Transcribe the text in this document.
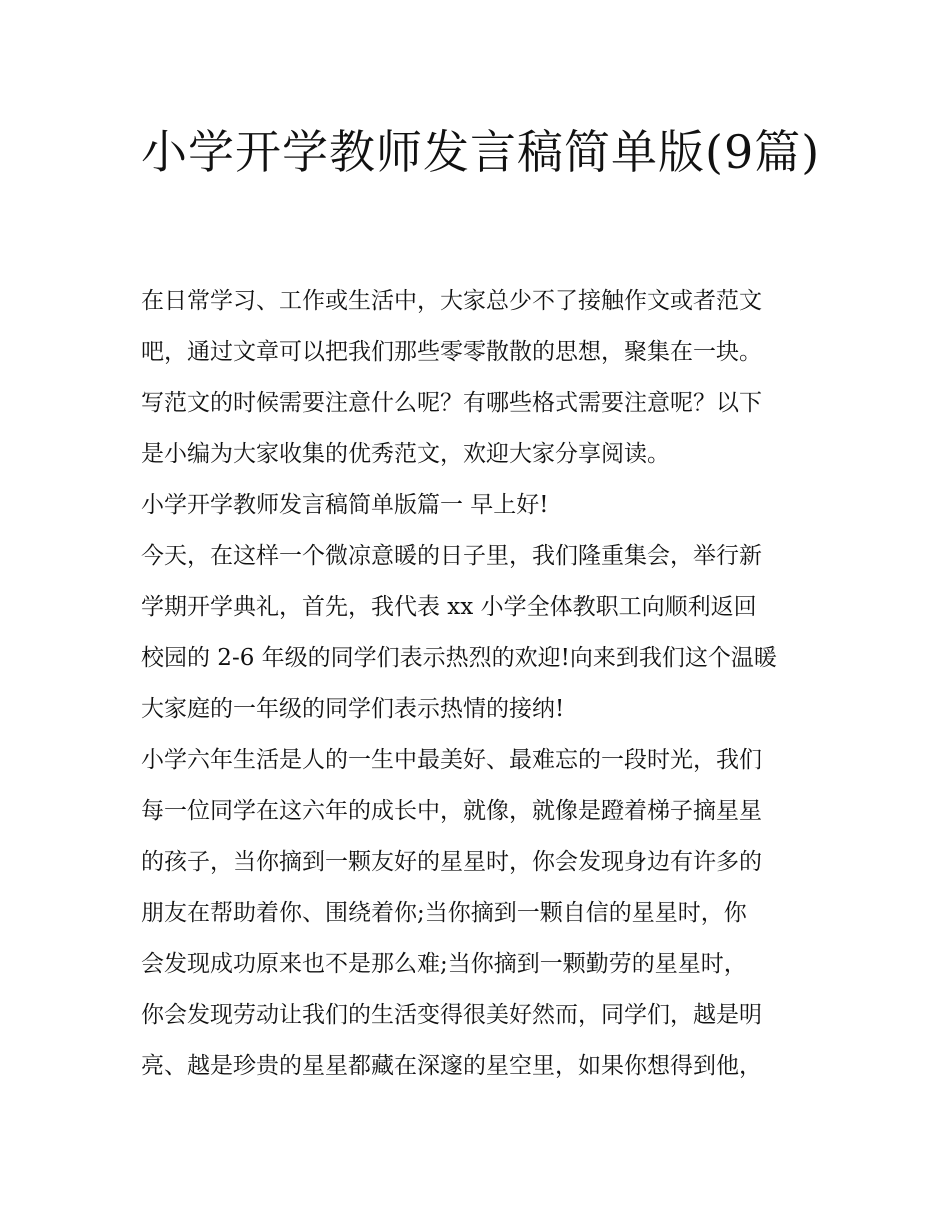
小学开学教师发言稿简单版(9篇)

在日常学习、工作或生活中，大家总少不了接触作文或者范文

吧，通过文章可以把我们那些零零散散的思想，聚集在一块。

写范文的时候需要注意什么呢？有哪些格式需要注意呢？以下

是小编为大家收集的优秀范文，欢迎大家分享阅读。

小学开学教师发言稿简单版篇一 早上好!

今天，在这样一个微凉意暖的日子里，我们隆重集会，举行新

学期开学典礼，首先，我代表 xx 小学全体教职工向顺利返回

校园的 2-6 年级的同学们表示热烈的欢迎!向来到我们这个温暖

大家庭的一年级的同学们表示热情的接纳!

小学六年生活是人的一生中最美好、最难忘的一段时光，我们

每一位同学在这六年的成长中，就像，就像是蹬着梯子摘星星

的孩子，当你摘到一颗友好的星星时，你会发现身边有许多的

朋友在帮助着你、围绕着你;当你摘到一颗自信的星星时，你

会发现成功原来也不是那么难;当你摘到一颗勤劳的星星时，

你会发现劳动让我们的生活变得很美好然而，同学们，越是明

亮、越是珍贵的星星都藏在深邃的星空里，如果你想得到他，
